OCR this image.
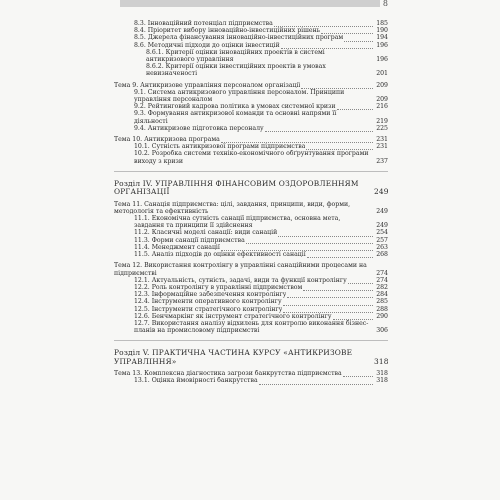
8
8.3. Інноваційний потенціал підприємства	185
8.4. Пріоритет вибору інноваційно-інвестиційних рішень	190
8.5. Джерела фінансування інноваційно-інвестиційних програм	194
8.6. Методичні підходи до оцінки інвестицій	196
8.6.1. Критерії оцінки інноваційних проектів в системі антикризового управління	196
8.6.2. Критерії оцінки інвестиційних проектів в умовах невизначеності	201
Тема 9. Антикризове управління персоналом організації	209
9.1. Система антикризового управління персоналом. Принципи управління персоналом	209
9.2. Рейтинговий кадрова політика в умовах системної кризи	216
9.3. Формування антикризової команди та основні напрями її діяльності	219
9.4. Антикризове підготовка персоналу	225
Тема 10. Антикризова програма	231
10.1. Сутність антикризової програми підприємства	231
10.2. Розробка системи техніко-економічного обґрунтування програми виходу з кризи	237
Розділ IV. УПРАВЛІННЯ ФІНАНСОВИМ ОЗДОРОВЛЕННЯМ ОРГАНІЗАЦІЇ	249
Тема 11. Санація підприємства: цілі, завдання, принципи, види, форми, методологія та ефективність	249
11.1. Економічна сутність санації підприємства, основна мета, завдання та принципи її здійснення	249
11.2. Класичні моделі санації: види санацій	254
11.3. Форми санації підприємства	257
11.4. Менеджмент санації	263
11.5. Аналіз підходів до оцінки ефективності санації	268
Тема 12. Використання контролінгу в управлінні санаційними процесами на підприємстві	274
12.1. Актуальність, сутність, задачі, види та функції контролінгу	274
12.2. Роль контролінгу в управлінні підприємством	282
12.3. Інформаційне забезпечення контролінгу	284
12.4. Інструменти оперативного контролінгу	285
12.5. Інструменти стратегічного контролінгу	288
12.6. Бенчмаркінг як інструмент стратегічного контролінгу	290
12.7. Використання аналізу відхилень для контролю виконання бізнес-планів на промисловому підприємстві	306
Розділ V. ПРАКТИЧНА ЧАСТИНА КУРСУ «АНТИКРИЗОВЕ УПРАВЛІННЯ»	318
Тема 13. Комплексна діагностика загрози банкрутства підприємства	318
13.1. Оцінка ймовірності банкрутства	318
